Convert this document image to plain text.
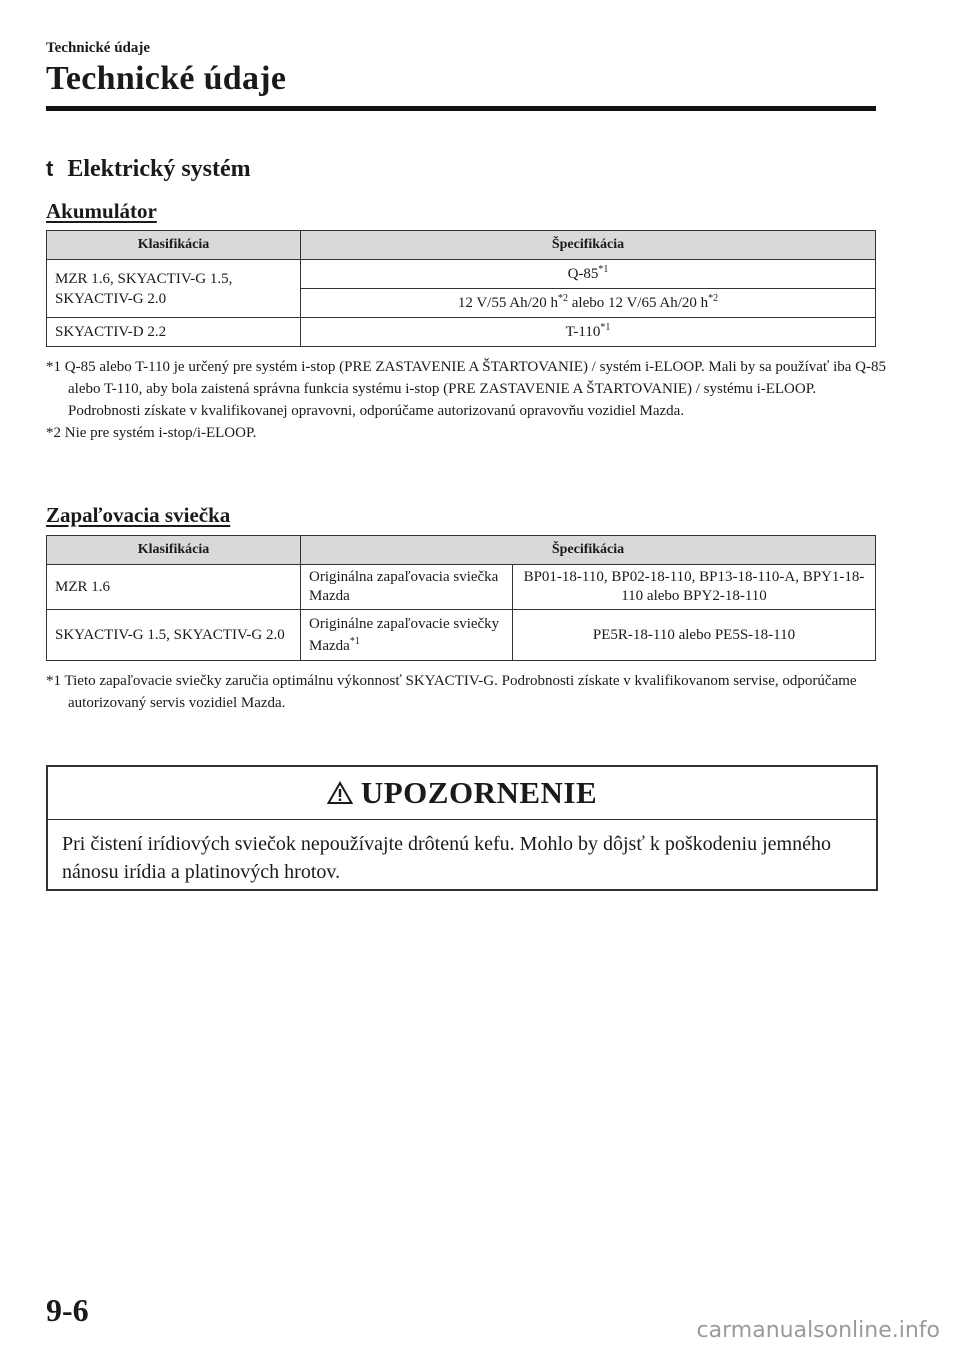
Technické údaje
Technické údaje
t Elektrický systém
Akumulátor
Klasifikácia	Špecifikácia
MZR 1.6, SKYACTIV-G 1.5, SKYACTIV-G 2.0	Q-85$^{*1}$
	12 V/55 Ah/20 $h^{*2}$ alebo 12 V/65 Ah/20 $h^{*2}$
SKYACTIV-D 2.2	T-110$^{*1}$
*1 Q-85 alebo T-110 je určený pre systém i-stop (PRE ZASTAVENIE A ŠTARTOVANIE) / systém i-ELOOP. Mali by sa používať iba Q-85 alebo T-110, aby bola zaistená správna funkcia systému i-stop (PRE ZASTAVENIE A ŠTARTOVANIE) / systému i-ELOOP. Podrobnosti získate v kvalifikovanej opravovni, odporúčame autorizovanú opravovňu vozidiel Mazda.
*2 Nie pre systém i-stop/i-ELOOP.
Zapaľovacia sviečka
Klasifikácia	Špecifikácia	
MZR 1.6	Originálna zapaľovacia sviečka Mazda	BP01-18-110, BP02-18-110, BP13-18-110-A, BPY1-18-110 alebo BPY2-18-110
SKYACTIV-G 1.5, SKYACTIV-G 2.0	Originálne zapaľovacie sviečky Mazda$^{*1}$	PE5R-18-110 alebo PE5S-18-110
*1 Tieto zapaľovacie sviečky zaručia optimálnu výkonnosť SKYACTIV-G. Podrobnosti získate v kvalifikovanom servise, odporúčame autorizovaný servis vozidiel Mazda.
UPOZORNENIE
Pri čistení irídiových sviečok nepoužívajte drôtenú kefu. Mohlo by dôjsť k poškodeniu jemného nánosu irídia a platinových hrotov.
9-6
carmanualsonline.info
